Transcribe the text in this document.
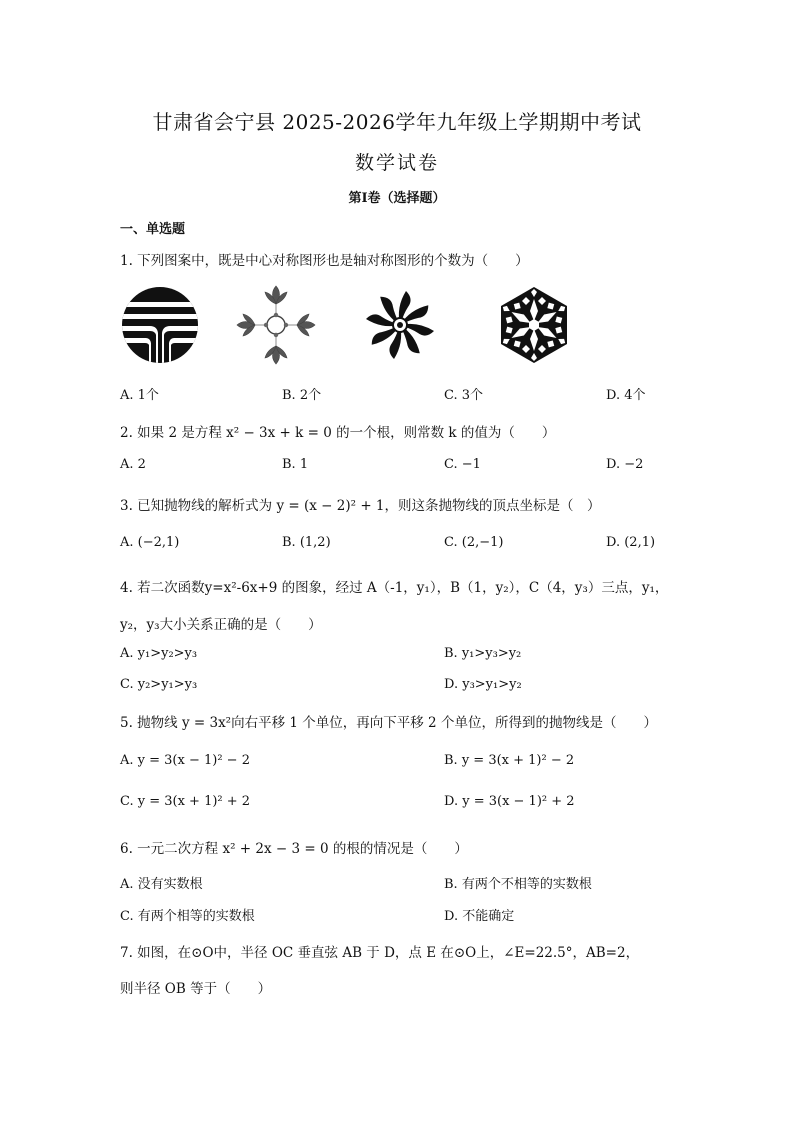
甘肃省会宁县 2025-2026学年九年级上学期期中考试
数学试卷
第Ⅰ卷（选择题）
一、单选题
1. 下列图案中，既是中心对称图形也是轴对称图形的个数为（　　）
A. 1个	B. 2个	C. 3个	D. 4个
2. 如果 2 是方程 x² − 3x + k = 0 的一个根，则常数 k 的值为（　　）
A. 2	B. 1	C. −1	D. −2
3. 已知抛物线的解析式为 y = (x − 2)² + 1，则这条抛物线的顶点坐标是（　）
A. (−2,1)	B. (1,2)	C. (2,−1)	D. (2,1)
4. 若二次函数y=x²-6x+9 的图象，经过 A（-1，y₁），B（1，y₂），C（4，y₃）三点，y₁，
y₂，y₃大小关系正确的是（　　）
A. y₁>y₂>y₃	B. y₁>y₃>y₂
C. y₂>y₁>y₃	D. y₃>y₁>y₂
5. 抛物线 y = 3x²向右平移 1 个单位，再向下平移 2 个单位，所得到的抛物线是（　　）
A. y = 3(x − 1)² − 2	B. y = 3(x + 1)² − 2
C. y = 3(x + 1)² + 2	D. y = 3(x − 1)² + 2
6. 一元二次方程 x² + 2x − 3 = 0 的根的情况是（　　）
A. 没有实数根	B. 有两个不相等的实数根
C. 有两个相等的实数根	D. 不能确定
7. 如图，在⊙O中，半径 OC 垂直弦 AB 于 D，点 E 在⊙O上，∠E=22.5°，AB=2，
则半径 OB 等于（　　）
